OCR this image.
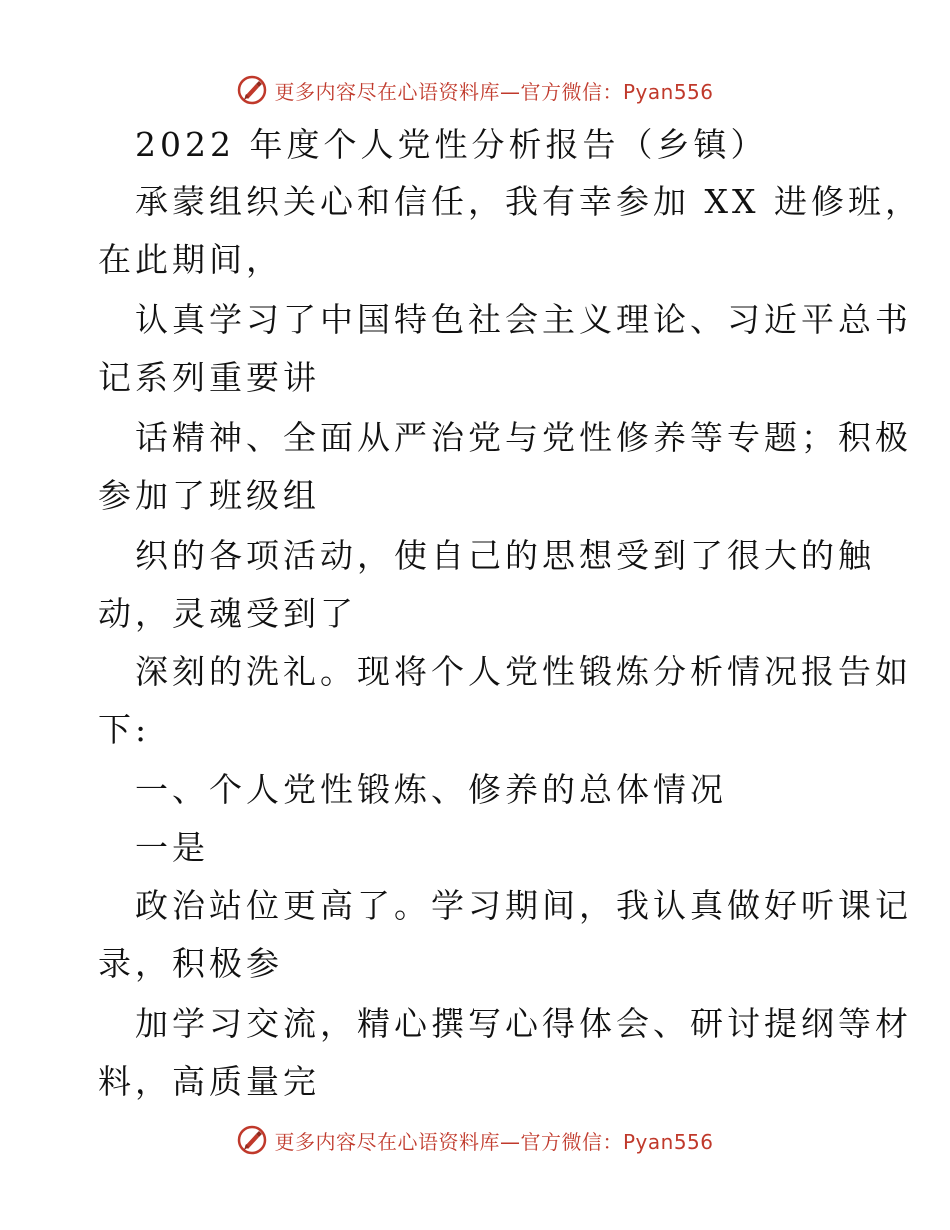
更多内容尽在心语资料库—官方微信：Pyan556
2022 年度个人党性分析报告（乡镇）
承蒙组织关心和信任，我有幸参加 XX 进修班，
在此期间，
认真学习了中国特色社会主义理论、习近平总书
记系列重要讲
话精神、全面从严治党与党性修养等专题；积极
参加了班级组
织的各项活动，使自己的思想受到了很大的触
动，灵魂受到了
深刻的洗礼。现将个人党性锻炼分析情况报告如
下:
一、个人党性锻炼、修养的总体情况
一是
政治站位更高了。学习期间，我认真做好听课记
录，积极参
加学习交流，精心撰写心得体会、研讨提纲等材
料，高质量完
更多内容尽在心语资料库—官方微信：Pyan556
